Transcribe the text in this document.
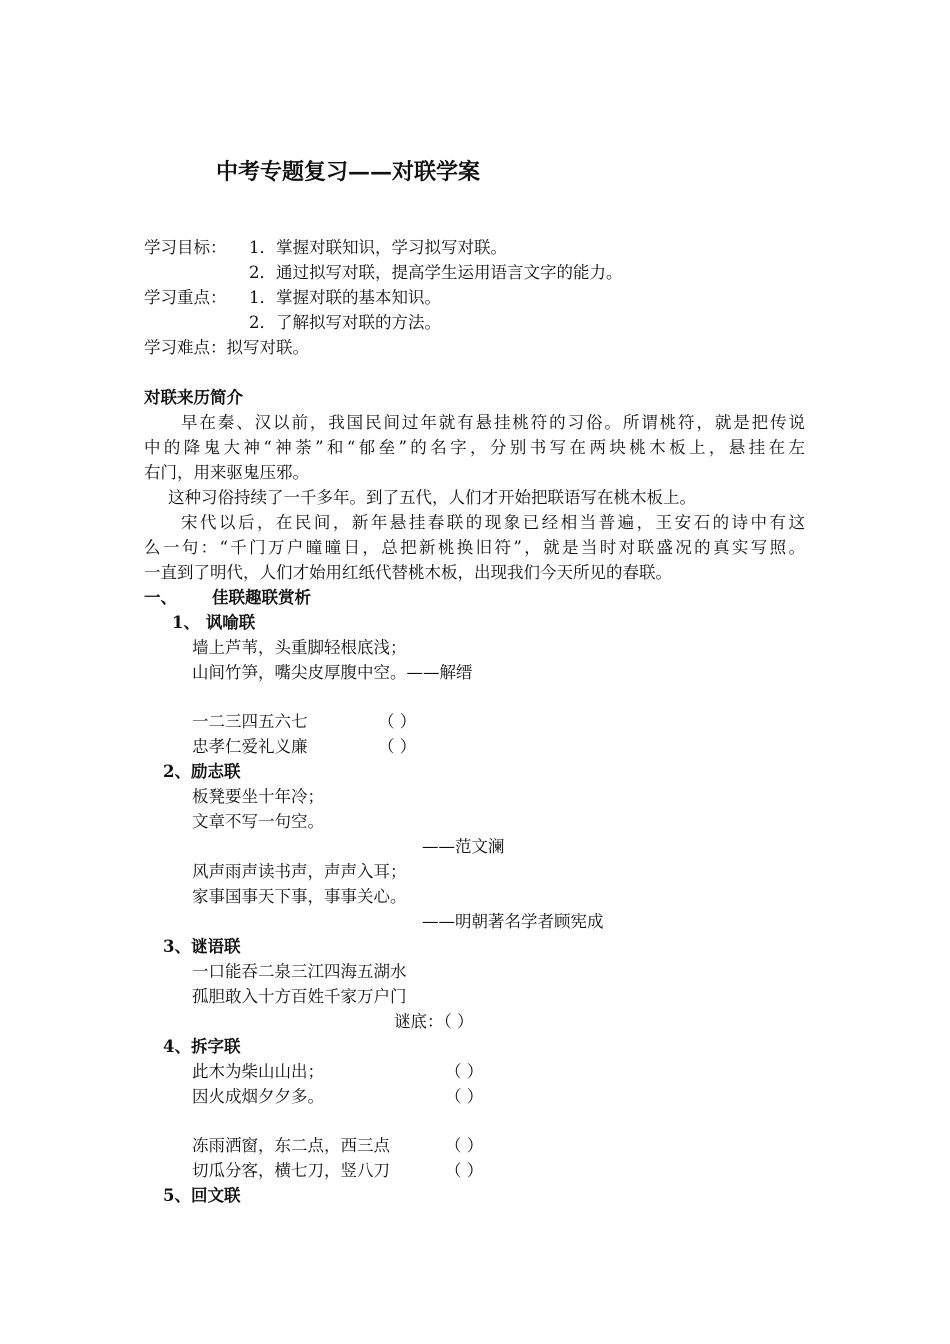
中考专题复习——对联学案
学习目标： 1．掌握对联知识，学习拟写对联。
2．通过拟写对联，提高学生运用语言文字的能力。
学习重点： 1．掌握对联的基本知识。
2．了解拟写对联的方法。
学习难点：拟写对联。
对联来历简介
早在秦、汉以前，我国民间过年就有悬挂桃符的习俗。所谓桃符，就是把传说
中的降鬼大神“神荼”和“郁垒”的名字，分别书写在两块桃木板上，悬挂在左
右门，用来驱鬼压邪。
这种习俗持续了一千多年。到了五代，人们才开始把联语写在桃木板上。
宋代以后，在民间，新年悬挂春联的现象已经相当普遍，王安石的诗中有这
么一句：“千门万户曈曈日，总把新桃换旧符”，就是当时对联盛况的真实写照。
一直到了明代，人们才始用红纸代替桃木板，出现我们今天所见的春联。
一、 佳联趣联赏析
1、 讽喻联
墙上芦苇，头重脚轻根底浅；
山间竹笋，嘴尖皮厚腹中空。——解缙
一二三四五六七	（ ）
忠孝仁爱礼义廉	（ ）
2、励志联
板凳要坐十年冷；
文章不写一句空。
——范文澜
风声雨声读书声，声声入耳；
家事国事天下事，事事关心。
——明朝著名学者顾宪成
3、谜语联
一口能吞二泉三江四海五湖水
孤胆敢入十方百姓千家万户门
谜底：（ ）
4、拆字联
此木为柴山山出；	（ ）
因火成烟夕夕多。	（ ）
冻雨洒窗，东二点，西三点	（ ）
切瓜分客，横七刀，竖八刀	（ ）
5、回文联
